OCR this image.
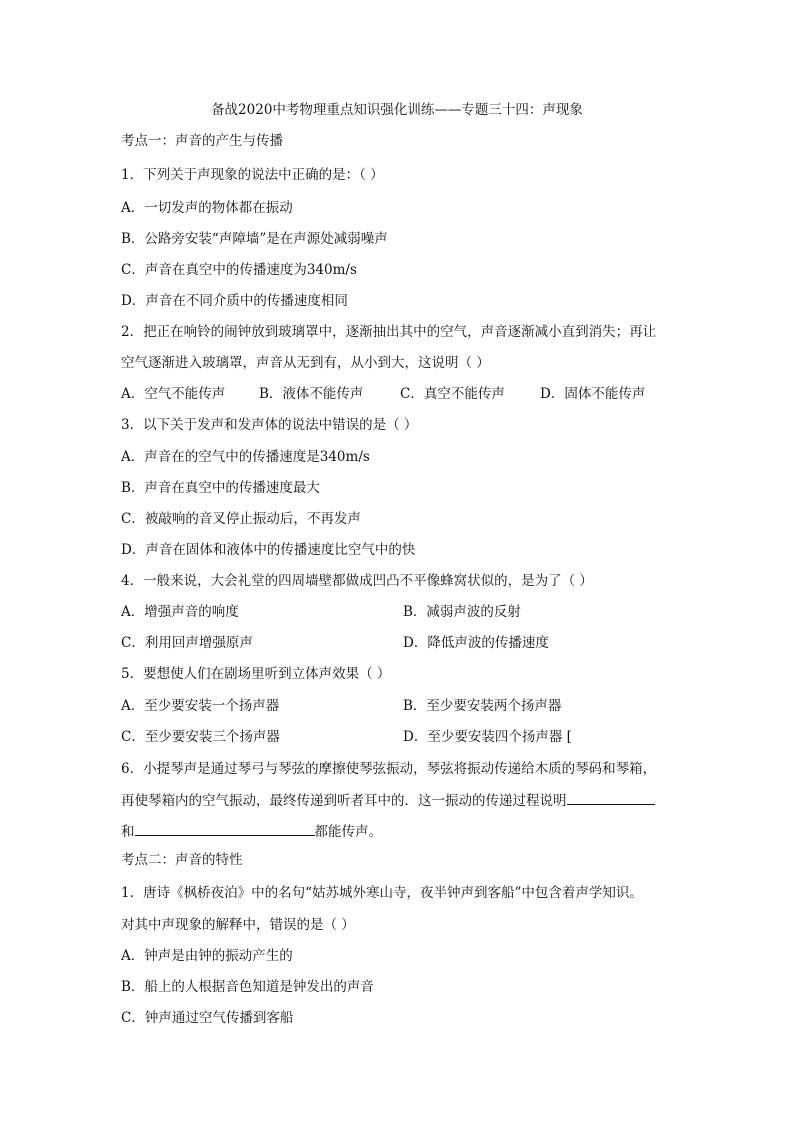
备战2020中考物理重点知识强化训练——专题三十四：声现象
考点一：声音的产生与传播
1．下列关于声现象的说法中正确的是：（ ）
A．一切发声的物体都在振动
B．公路旁安装“声障墙”是在声源处减弱噪声
C．声音在真空中的传播速度为340m/s
D．声音在不同介质中的传播速度相同
2．把正在响铃的闹钟放到玻璃罩中，逐渐抽出其中的空气，声音逐渐减小直到消失；再让
空气逐渐进入玻璃罩，声音从无到有，从小到大，这说明（ ）
A．空气不能传声	B．液体不能传声	C．真空不能传声	D．固体不能传声
3．以下关于发声和发声体的说法中错误的是（ ）
A．声音在的空气中的传播速度是340m/s
B．声音在真空中的传播速度最大
C．被敲响的音叉停止振动后，不再发声
D．声音在固体和液体中的传播速度比空气中的快
4．一般来说，大会礼堂的四周墙壁都做成凹凸不平像蜂窝状似的，是为了（ ）
A．增强声音的响度	B．减弱声波的反射
C．利用回声增强原声	D．降低声波的传播速度
5．要想使人们在剧场里听到立体声效果（ ）
A．至少要安装一个扬声器	B．至少要安装两个扬声器
C．至少要安装三个扬声器	D．至少要安装四个扬声器 [
6．小提琴声是通过琴弓与琴弦的摩擦使琴弦振动，琴弦将振动传递给木质的琴码和琴箱，
再使琴箱内的空气振动，最终传递到听者耳中的．这一振动的传递过程说明
和	都能传声。
考点二：声音的特性
1．唐诗《枫桥夜泊》中的名句“姑苏城外寒山寺，夜半钟声到客船”中包含着声学知识。
对其中声现象的解释中，错误的是（ ）
A．钟声是由钟的振动产生的
B．船上的人根据音色知道是钟发出的声音
C．钟声通过空气传播到客船
